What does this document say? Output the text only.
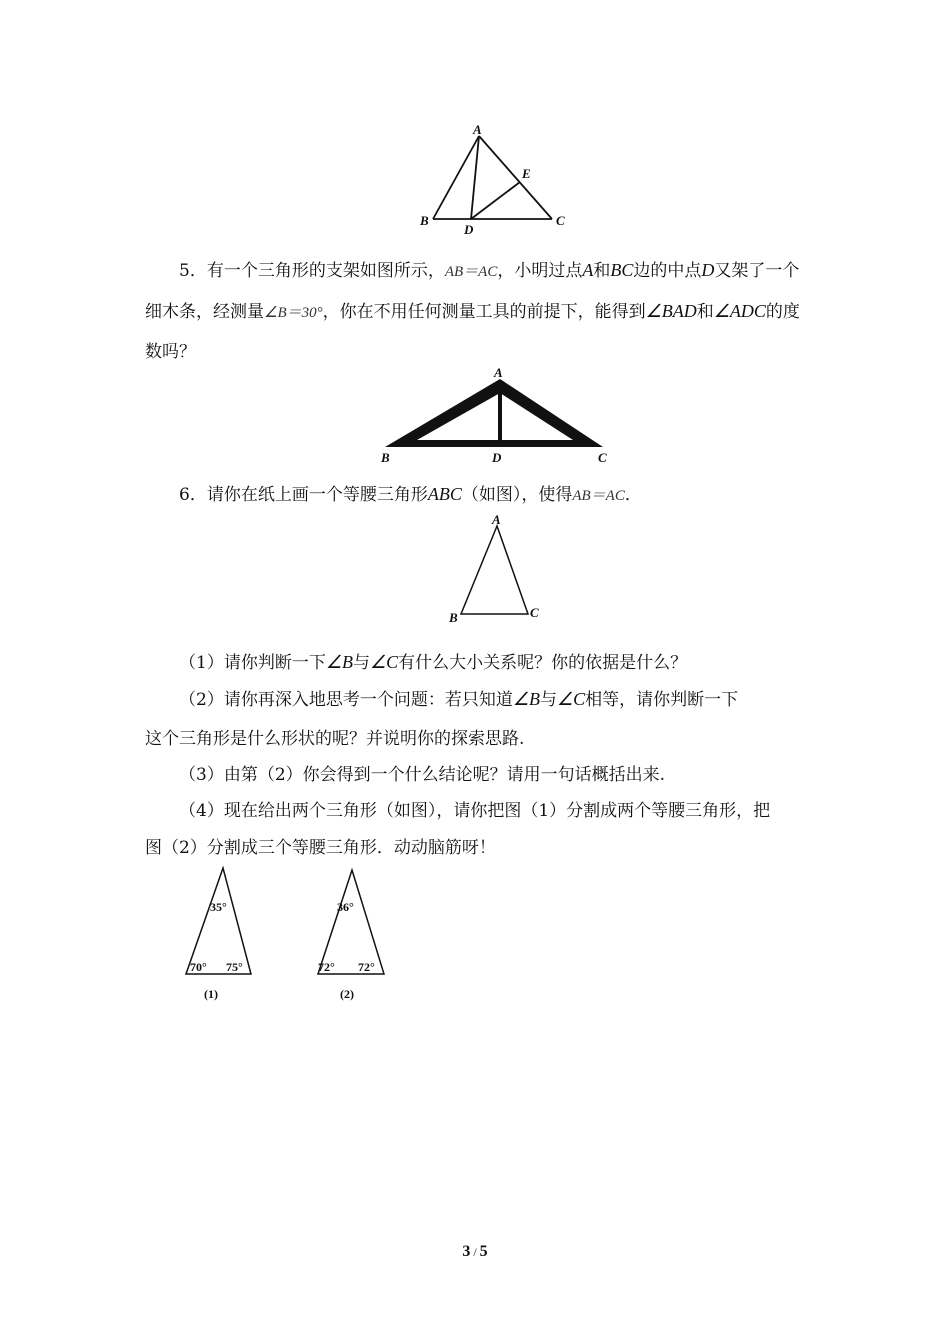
A
B	C
D
E
5．有一个三角形的支架如图所示，AB＝AC，小明过点A和BC边的中点D又架了一个细木条，经测量∠B＝30°，你在不用任何测量工具的前提下，能得到∠BAD和∠ADC的度数吗？
A
B	D	C
6．请你在纸上画一个等腰三角形ABC（如图），使得AB＝AC．
A
B	C
（1）请你判断一下∠B与∠C有什么大小关系呢？你的依据是什么？
（2）请你再深入地思考一个问题：若只知道∠B与∠C相等，请你判断一下
这个三角形是什么形状的呢？并说明你的探索思路.
（3）由第（2）你会得到一个什么结论呢？请用一句话概括出来.
（4）现在给出两个三角形（如图），请你把图（1）分割成两个等腰三角形，把
图（2）分割成三个等腰三角形．动动脑筋呀！
35°
70° 75°
(1)
36°
72° 72°
(2)
3 / 5
